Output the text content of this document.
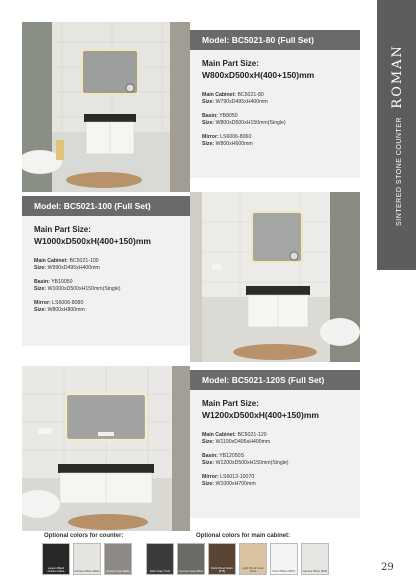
SINTERED STONE COUNTER ROMAN
Model: BC5021-80 (Full Set)
Main Part Size:
W800xD500xH(400+150)mm
Main Cabinet: BC5021-80
Size: W790xD495xH400mm
Basin: YB8050
Size: W800xD500xH150mm(Single)
Mirror: LS6006-8060
Size: W800xH600mm
Model: BC5021-100 (Full Set)
Main Part Size:
W1000xD500xH(400+150)mm
Main Cabinet: BC5021-100
Size: W990xD495xH400mm
Basin: YB10050
Size: W1000xD500xH150mm(Single)
Mirror: LS6006-8080
Size: W800xH800mm
Model: BC5021-120S (Full Set)
Main Part Size:
W1200xD500xH(400+150)mm
Main Cabinet: BC5021-120
Size: W1190xD495xH400mm
Basin: YB12050S
Size: W1200xD500xH150mm(Single)
Mirror: LS6013-10070
Size: W1000xH700mm
Optional colors for counter:
Lauren Black Golden Matte	Carrara White Matte	Armani Gray Matte
Optional colors for main cabinet:
Dark Gray (712)	Cement Gray (612)
Dark Wood Grain (678)
Light Wood Grain (512)	Pure White (3937)	Carrara White (552)	29
